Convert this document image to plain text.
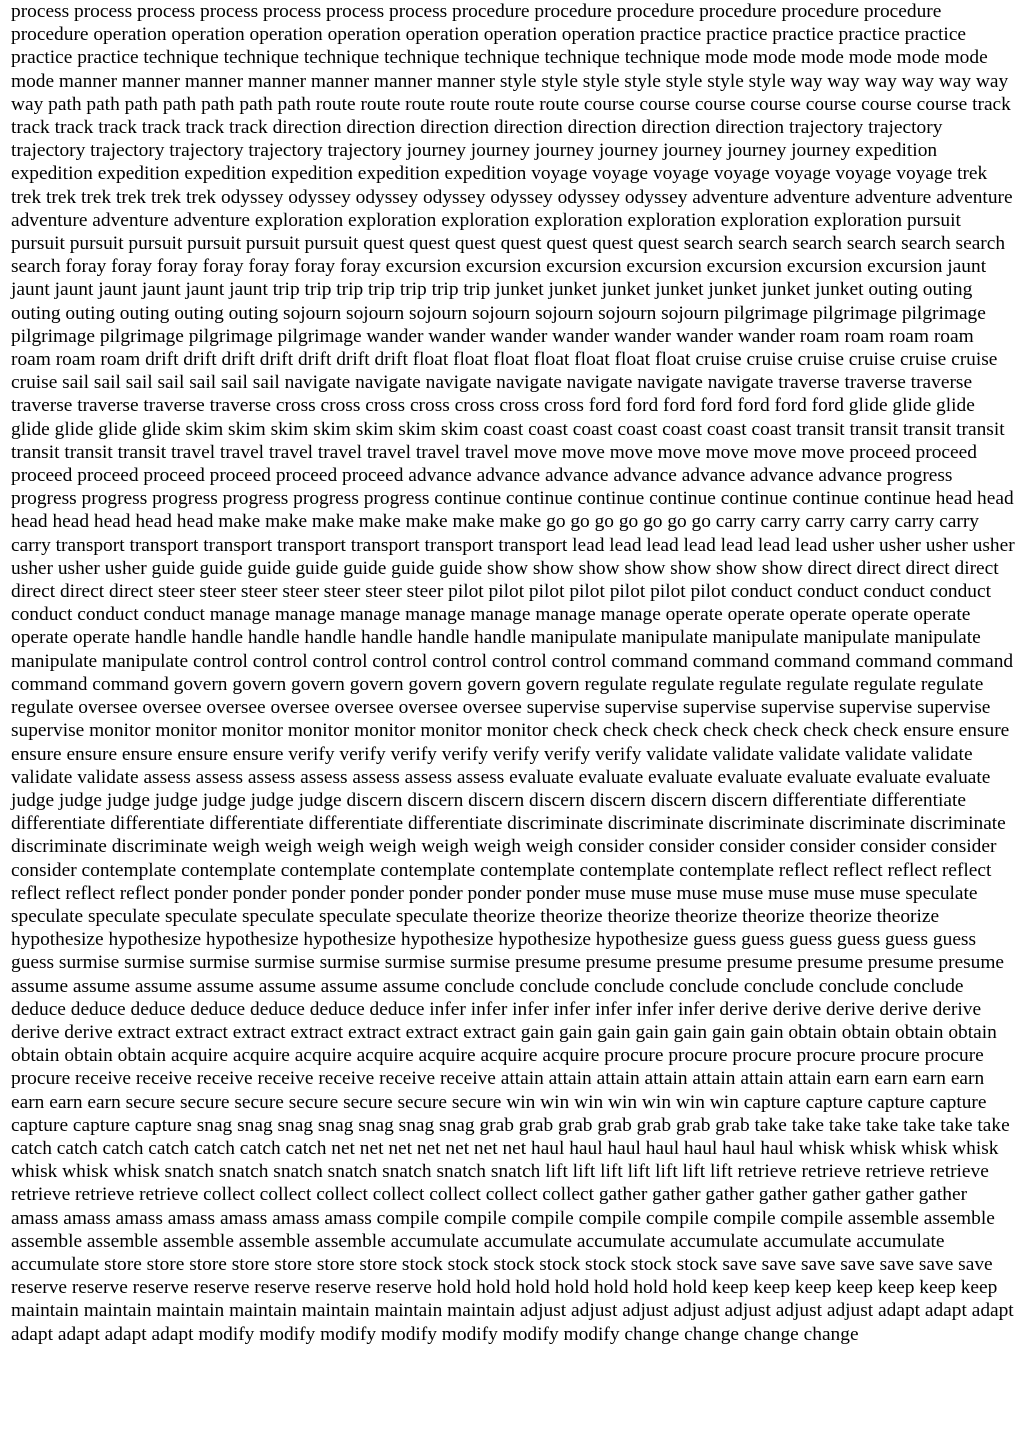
process process process process process process process procedure procedure procedure procedure procedure procedure procedure operation operation operation operation operation operation operation practice practice practice practice practice practice practice technique technique technique technique technique technique technique mode mode mode mode mode mode mode manner manner manner manner manner manner manner style style style style style style style way way way way way way way path path path path path path path route route route route route route course course course course course course course track track track track track track track direction direction direction direction direction direction direction trajectory trajectory trajectory trajectory trajectory trajectory trajectory journey journey journey journey journey journey journey expedition expedition expedition expedition expedition expedition expedition voyage voyage voyage voyage voyage voyage voyage trek trek trek trek trek trek trek odyssey odyssey odyssey odyssey odyssey odyssey odyssey adventure adventure adventure adventure adventure adventure adventure exploration exploration exploration exploration exploration exploration exploration pursuit pursuit pursuit pursuit pursuit pursuit pursuit quest quest quest quest quest quest quest search search search search search search search foray foray foray foray foray foray foray excursion excursion excursion excursion excursion excursion excursion jaunt jaunt jaunt jaunt jaunt jaunt jaunt trip trip trip trip trip trip trip junket junket junket junket junket junket junket outing outing outing outing outing outing outing sojourn sojourn sojourn sojourn sojourn sojourn sojourn pilgrimage pilgrimage pilgrimage pilgrimage pilgrimage pilgrimage pilgrimage wander wander wander wander wander wander wander roam roam roam roam roam roam roam drift drift drift drift drift drift drift float float float float float float float cruise cruise cruise cruise cruise cruise cruise sail sail sail sail sail sail sail navigate navigate navigate navigate navigate navigate navigate traverse traverse traverse traverse traverse traverse traverse cross cross cross cross cross cross cross ford ford ford ford ford ford ford glide glide glide glide glide glide glide skim skim skim skim skim skim skim coast coast coast coast coast coast coast transit transit transit transit transit transit transit travel travel travel travel travel travel travel move move move move move move move proceed proceed proceed proceed proceed proceed proceed proceed advance advance advance advance advance advance advance progress progress progress progress progress progress progress continue continue continue continue continue continue continue head head head head head head head make make make make make make make go go go go go go go carry carry carry carry carry carry carry transport transport transport transport transport transport transport lead lead lead lead lead lead lead usher usher usher usher usher usher usher guide guide guide guide guide guide guide show show show show show show show direct direct direct direct direct direct direct steer steer steer steer steer steer steer pilot pilot pilot pilot pilot pilot pilot conduct conduct conduct conduct conduct conduct conduct manage manage manage manage manage manage manage operate operate operate operate operate operate operate handle handle handle handle handle handle handle manipulate manipulate manipulate manipulate manipulate manipulate manipulate control control control control control control control command command command command command command command govern govern govern govern govern govern govern regulate regulate regulate regulate regulate regulate regulate oversee oversee oversee oversee oversee oversee oversee supervise supervise supervise supervise supervise supervise supervise monitor monitor monitor monitor monitor monitor monitor check check check check check check check ensure ensure ensure ensure ensure ensure ensure verify verify verify verify verify verify verify validate validate validate validate validate validate validate assess assess assess assess assess assess assess evaluate evaluate evaluate evaluate evaluate evaluate evaluate judge judge judge judge judge judge judge discern discern discern discern discern discern discern differentiate differentiate differentiate differentiate differentiate differentiate differentiate discriminate discriminate discriminate discriminate discriminate discriminate discriminate weigh weigh weigh weigh weigh weigh weigh consider consider consider consider consider consider consider contemplate contemplate contemplate contemplate contemplate contemplate contemplate reflect reflect reflect reflect reflect reflect reflect ponder ponder ponder ponder ponder ponder ponder muse muse muse muse muse muse muse speculate speculate speculate speculate speculate speculate speculate theorize theorize theorize theorize theorize theorize theorize hypothesize hypothesize hypothesize hypothesize hypothesize hypothesize hypothesize guess guess guess guess guess guess guess surmise surmise surmise surmise surmise surmise surmise presume presume presume presume presume presume presume assume assume assume assume assume assume assume conclude conclude conclude conclude conclude conclude conclude deduce deduce deduce deduce deduce deduce deduce infer infer infer infer infer infer infer derive derive derive derive derive derive derive extract extract extract extract extract extract extract gain gain gain gain gain gain gain obtain obtain obtain obtain obtain obtain obtain acquire acquire acquire acquire acquire acquire acquire procure procure procure procure procure procure procure receive receive receive receive receive receive receive attain attain attain attain attain attain attain earn earn earn earn earn earn earn secure secure secure secure secure secure secure win win win win win win win capture capture capture capture capture capture capture snag snag snag snag snag snag snag grab grab grab grab grab grab grab take take take take take take take catch catch catch catch catch catch catch net net net net net net net haul haul haul haul haul haul haul whisk whisk whisk whisk whisk whisk whisk snatch snatch snatch snatch snatch snatch snatch lift lift lift lift lift lift lift retrieve retrieve retrieve retrieve retrieve retrieve retrieve collect collect collect collect collect collect collect gather gather gather gather gather gather gather amass amass amass amass amass amass amass compile compile compile compile compile compile compile assemble assemble assemble assemble assemble assemble assemble accumulate accumulate accumulate accumulate accumulate accumulate accumulate store store store store store store store stock stock stock stock stock stock stock save save save save save save save reserve reserve reserve reserve reserve reserve reserve hold hold hold hold hold hold hold keep keep keep keep keep keep keep maintain maintain maintain maintain maintain maintain maintain adjust adjust adjust adjust adjust adjust adjust adapt adapt adapt adapt adapt adapt adapt modify modify modify modify modify modify modify change change change change
